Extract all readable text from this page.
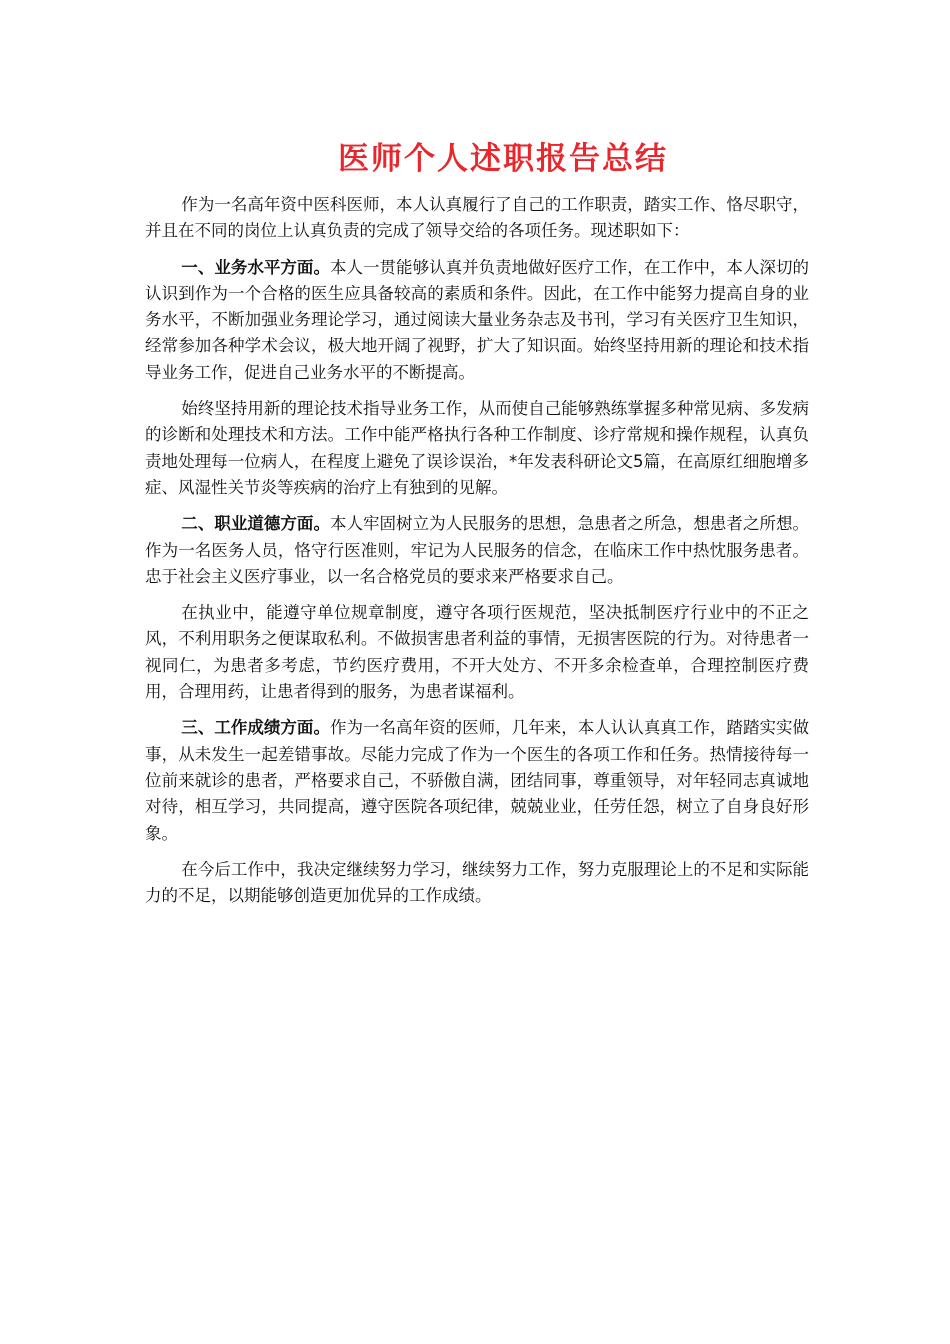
医师个人述职报告总结

作为一名高年资中医科医师，本人认真履行了自己的工作职责，踏实工作、恪尽职守，并且在不同的岗位上认真负责的完成了领导交给的各项任务。现述职如下：

一、业务水平方面。本人一贯能够认真并负责地做好医疗工作，在工作中，本人深切的认识到作为一个合格的医生应具备较高的素质和条件。因此，在工作中能努力提高自身的业务水平，不断加强业务理论学习，通过阅读大量业务杂志及书刊，学习有关医疗卫生知识，经常参加各种学术会议，极大地开阔了视野，扩大了知识面。始终坚持用新的理论和技术指导业务工作，促进自己业务水平的不断提高。

始终坚持用新的理论技术指导业务工作，从而使自己能够熟练掌握多种常见病、多发病的诊断和处理技术和方法。工作中能严格执行各种工作制度、诊疗常规和操作规程，认真负责地处理每一位病人，在程度上避免了误诊误治，*年发表科研论文5篇，在高原红细胞增多症、风湿性关节炎等疾病的治疗上有独到的见解。

二、职业道德方面。本人牢固树立为人民服务的思想，急患者之所急，想患者之所想。作为一名医务人员，恪守行医准则，牢记为人民服务的信念，在临床工作中热忱服务患者。忠于社会主义医疗事业，以一名合格党员的要求来严格要求自己。

在执业中，能遵守单位规章制度，遵守各项行医规范，坚决抵制医疗行业中的不正之风，不利用职务之便谋取私利。不做损害患者利益的事情，无损害医院的行为。对待患者一视同仁，为患者多考虑，节约医疗费用，不开大处方、不开多余检查单，合理控制医疗费用，合理用药，让患者得到的服务，为患者谋福利。

三、工作成绩方面。作为一名高年资的医师，几年来，本人认认真真工作，踏踏实实做事，从未发生一起差错事故。尽能力完成了作为一个医生的各项工作和任务。热情接待每一位前来就诊的患者，严格要求自己，不骄傲自满，团结同事，尊重领导，对年轻同志真诚地对待，相互学习，共同提高，遵守医院各项纪律，兢兢业业，任劳任怨，树立了自身良好形象。

在今后工作中，我决定继续努力学习，继续努力工作，努力克服理论上的不足和实际能力的不足，以期能够创造更加优异的工作成绩。
